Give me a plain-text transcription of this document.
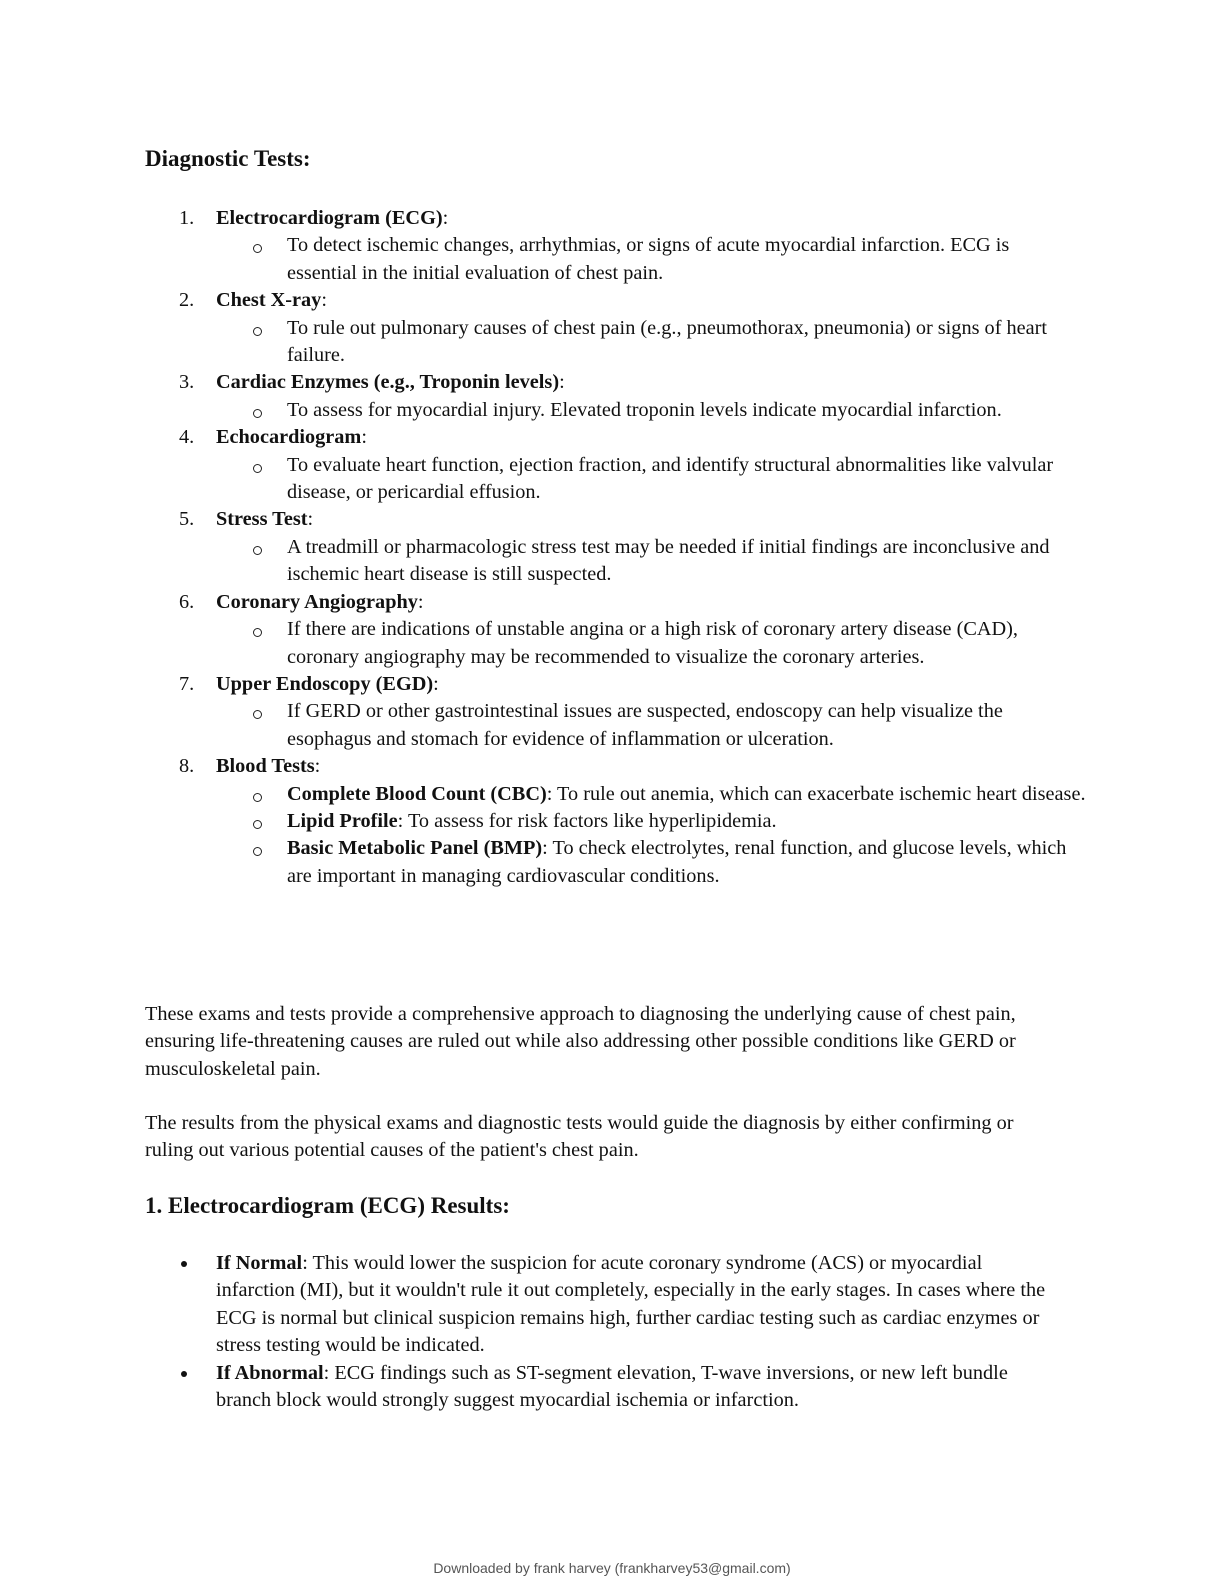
Diagnostic Tests:
1. Electrocardiogram (ECG):
To detect ischemic changes, arrhythmias, or signs of acute myocardial infarction. ECG is essential in the initial evaluation of chest pain.
2. Chest X-ray:
To rule out pulmonary causes of chest pain (e.g., pneumothorax, pneumonia) or signs of heart failure.
3. Cardiac Enzymes (e.g., Troponin levels):
To assess for myocardial injury. Elevated troponin levels indicate myocardial infarction.
4. Echocardiogram:
To evaluate heart function, ejection fraction, and identify structural abnormalities like valvular disease, or pericardial effusion.
5. Stress Test:
A treadmill or pharmacologic stress test may be needed if initial findings are inconclusive and ischemic heart disease is still suspected.
6. Coronary Angiography:
If there are indications of unstable angina or a high risk of coronary artery disease (CAD), coronary angiography may be recommended to visualize the coronary arteries.
7. Upper Endoscopy (EGD):
If GERD or other gastrointestinal issues are suspected, endoscopy can help visualize the esophagus and stomach for evidence of inflammation or ulceration.
8. Blood Tests:
Complete Blood Count (CBC): To rule out anemia, which can exacerbate ischemic heart disease.
Lipid Profile: To assess for risk factors like hyperlipidemia.
Basic Metabolic Panel (BMP): To check electrolytes, renal function, and glucose levels, which are important in managing cardiovascular conditions.

These exams and tests provide a comprehensive approach to diagnosing the underlying cause of chest pain, ensuring life-threatening causes are ruled out while also addressing other possible conditions like GERD or musculoskeletal pain.

The results from the physical exams and diagnostic tests would guide the diagnosis by either confirming or ruling out various potential causes of the patient's chest pain.

1. Electrocardiogram (ECG) Results:
If Normal: This would lower the suspicion for acute coronary syndrome (ACS) or myocardial infarction (MI), but it wouldn't rule it out completely, especially in the early stages. In cases where the ECG is normal but clinical suspicion remains high, further cardiac testing such as cardiac enzymes or stress testing would be indicated.
If Abnormal: ECG findings such as ST-segment elevation, T-wave inversions, or new left bundle branch block would strongly suggest myocardial ischemia or infarction.
Downloaded by frank harvey (frankharvey53@gmail.com)
